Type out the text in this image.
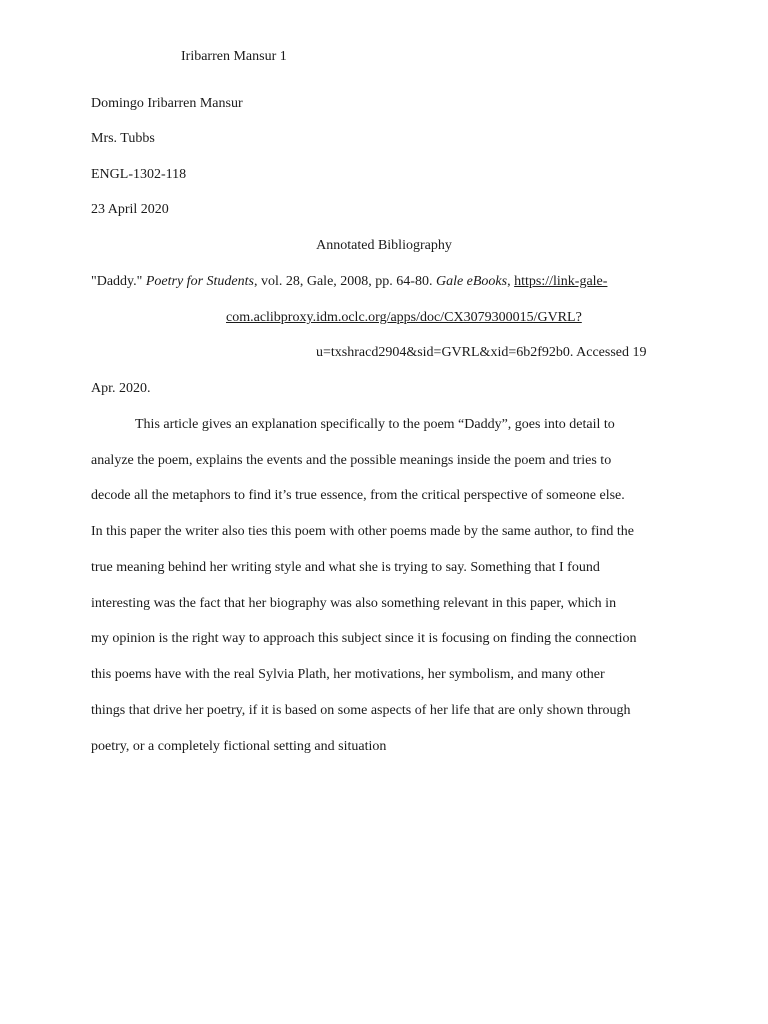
Iribarren Mansur 1
Domingo Iribarren Mansur
Mrs. Tubbs
ENGL-1302-118
23 April 2020
Annotated Bibliography
"Daddy." Poetry for Students, vol. 28, Gale, 2008, pp. 64-80. Gale eBooks, https://link-gale-
com.aclibproxy.idm.oclc.org/apps/doc/CX3079300015/GVRL?
u=txshracd2904&sid=GVRL&xid=6b2f92b0. Accessed 19
Apr. 2020.
This article gives an explanation specifically to the poem “Daddy”, goes into detail to
analyze the poem, explains the events and the possible meanings inside the poem and tries to
decode all the metaphors to find it’s true essence, from the critical perspective of someone else.
In this paper the writer also ties this poem with other poems made by the same author, to find the
true meaning behind her writing style and what she is trying to say. Something that I found
interesting was the fact that her biography was also something relevant in this paper, which in
my opinion is the right way to approach this subject since it is focusing on finding the connection
this poems have with the real Sylvia Plath, her motivations, her symbolism, and many other
things that drive her poetry, if it is based on some aspects of her life that are only shown through
poetry, or a completely fictional setting and situation
